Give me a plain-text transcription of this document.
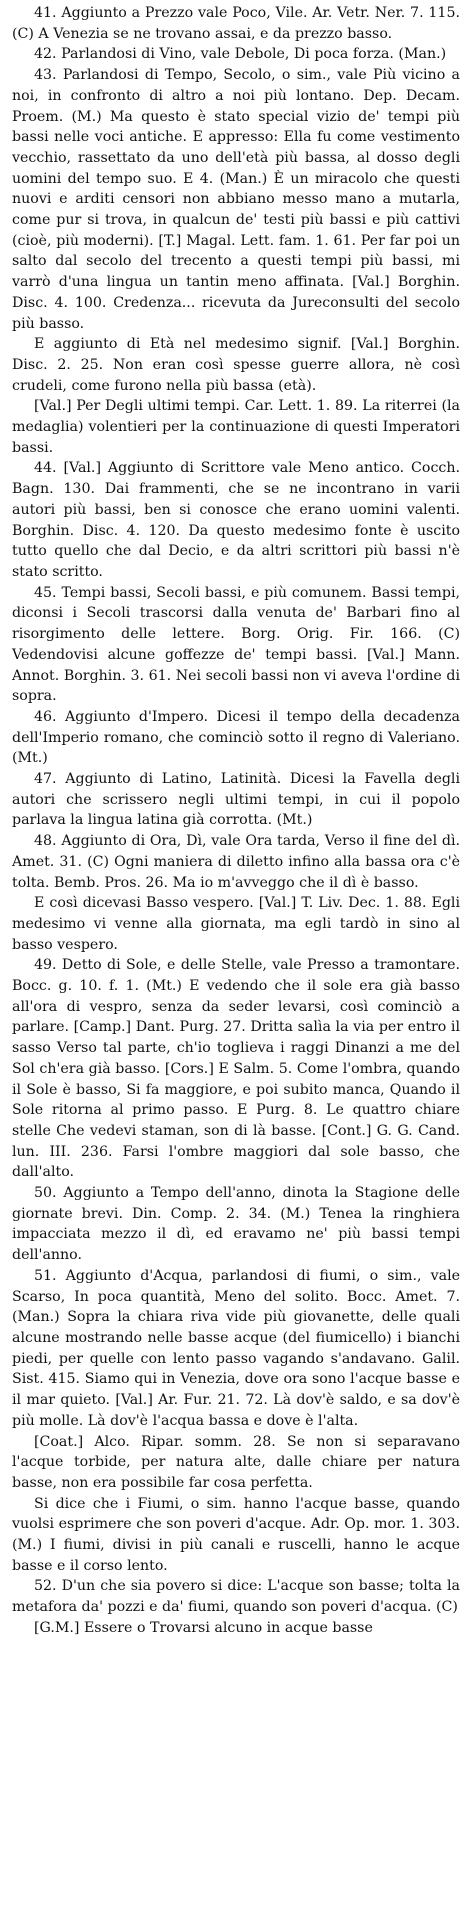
41. Aggiunto a Prezzo vale Poco, Vile. Ar. Vetr. Ner. 7. 115. (C) A Venezia se ne trovano assai, e da prezzo basso.

42. Parlandosi di Vino, vale Debole, Di poca forza. (Man.)

43. Parlandosi di Tempo, Secolo, o sim., vale Più vicino a noi, in confronto di altro a noi più lontano. Dep. Decam. Proem. (M.) Ma questo è stato special vizio de' tempi più bassi nelle voci antiche. E appresso: Ella fu come vestimento vecchio, rassettato da uno dell'età più bassa, al dosso degli uomini del tempo suo. E 4. (Man.) È un miracolo che questi nuovi e arditi censori non abbiano messo mano a mutarla, come pur si trova, in qualcun de' testi più bassi e più cattivi (cioè, più moderni). [T.] Magal. Lett. fam. 1. 61. Per far poi un salto dal secolo del trecento a questi tempi più bassi, mi varrò d'una lingua un tantin meno affinata. [Val.] Borghin. Disc. 4. 100. Credenza... ricevuta da Jureconsulti del secolo più basso.

E aggiunto di Età nel medesimo signif. [Val.] Borghin. Disc. 2. 25. Non eran così spesse guerre allora, nè così crudeli, come furono nella più bassa (età).

[Val.] Per Degli ultimi tempi. Car. Lett. 1. 89. La riterrei (la medaglia) volentieri per la continuazione di questi Imperatori bassi.

44. [Val.] Aggiunto di Scrittore vale Meno antico. Cocch. Bagn. 130. Dai frammenti, che se ne incontrano in varii autori più bassi, ben si conosce che erano uomini valenti. Borghin. Disc. 4. 120. Da questo medesimo fonte è uscito tutto quello che dal Decio, e da altri scrittori più bassi n'è stato scritto.

45. Tempi bassi, Secoli bassi, e più comunem. Bassi tempi, diconsi i Secoli trascorsi dalla venuta de' Barbari fino al risorgimento delle lettere. Borg. Orig. Fir. 166. (C) Vedendovisi alcune goffezze de' tempi bassi. [Val.] Mann. Annot. Borghin. 3. 61. Nei secoli bassi non vi aveva l'ordine di sopra.

46. Aggiunto d'Impero. Dicesi il tempo della decadenza dell'Imperio romano, che cominciò sotto il regno di Valeriano. (Mt.)

47. Aggiunto di Latino, Latinità. Dicesi la Favella degli autori che scrissero negli ultimi tempi, in cui il popolo parlava la lingua latina già corrotta. (Mt.)

48. Aggiunto di Ora, Dì, vale Ora tarda, Verso il fine del dì. Amet. 31. (C) Ogni maniera di diletto infino alla bassa ora c'è tolta. Bemb. Pros. 26. Ma io m'avveggo che il dì è basso.

E così dicevasi Basso vespero. [Val.] T. Liv. Dec. 1. 88. Egli medesimo vi venne alla giornata, ma egli tardò in sino al basso vespero.

49. Detto di Sole, e delle Stelle, vale Presso a tramontare. Bocc. g. 10. f. 1. (Mt.) E vedendo che il sole era già basso all'ora di vespro, senza da seder levarsi, così cominciò a parlare. [Camp.] Dant. Purg. 27. Dritta salìa la via per entro il sasso Verso tal parte, ch'io toglieva i raggi Dinanzi a me del Sol ch'era già basso. [Cors.] E Salm. 5. Come l'ombra, quando il Sole è basso, Si fa maggiore, e poi subito manca, Quando il Sole ritorna al primo passo. E Purg. 8. Le quattro chiare stelle Che vedevi staman, son di là basse. [Cont.] G. G. Cand. lun. III. 236. Farsi l'ombre maggiori dal sole basso, che dall'alto.

50. Aggiunto a Tempo dell'anno, dinota la Stagione delle giornate brevi. Din. Comp. 2. 34. (M.) Tenea la ringhiera impacciata mezzo il dì, ed eravamo ne' più bassi tempi dell'anno.

51. Aggiunto d'Acqua, parlandosi di fiumi, o sim., vale Scarso, In poca quantità, Meno del solito. Bocc. Amet. 7. (Man.) Sopra la chiara riva vide più giovanette, delle quali alcune mostrando nelle basse acque (del fiumicello) i bianchi piedi, per quelle con lento passo vagando s'andavano. Galil. Sist. 415. Siamo qui in Venezia, dove ora sono l'acque basse e il mar quieto. [Val.] Ar. Fur. 21. 72. Là dov'è saldo, e sa dov'è più molle. Là dov'è l'acqua bassa e dove è l'alta.

[Coat.] Alco. Ripar. somm. 28. Se non si separavano l'acque torbide, per natura alte, dalle chiare per natura basse, non era possibile far cosa perfetta.

Si dice che i Fiumi, o sim. hanno l'acque basse, quando vuolsi esprimere che son poveri d'acque. Adr. Op. mor. 1. 303. (M.) I fiumi, divisi in più canali e ruscelli, hanno le acque basse e il corso lento.

52. D'un che sia povero si dice: L'acque son basse; tolta la metafora da' pozzi e da' fiumi, quando son poveri d'acqua. (C)

[G.M.] Essere o Trovarsi alcuno in acque basse
